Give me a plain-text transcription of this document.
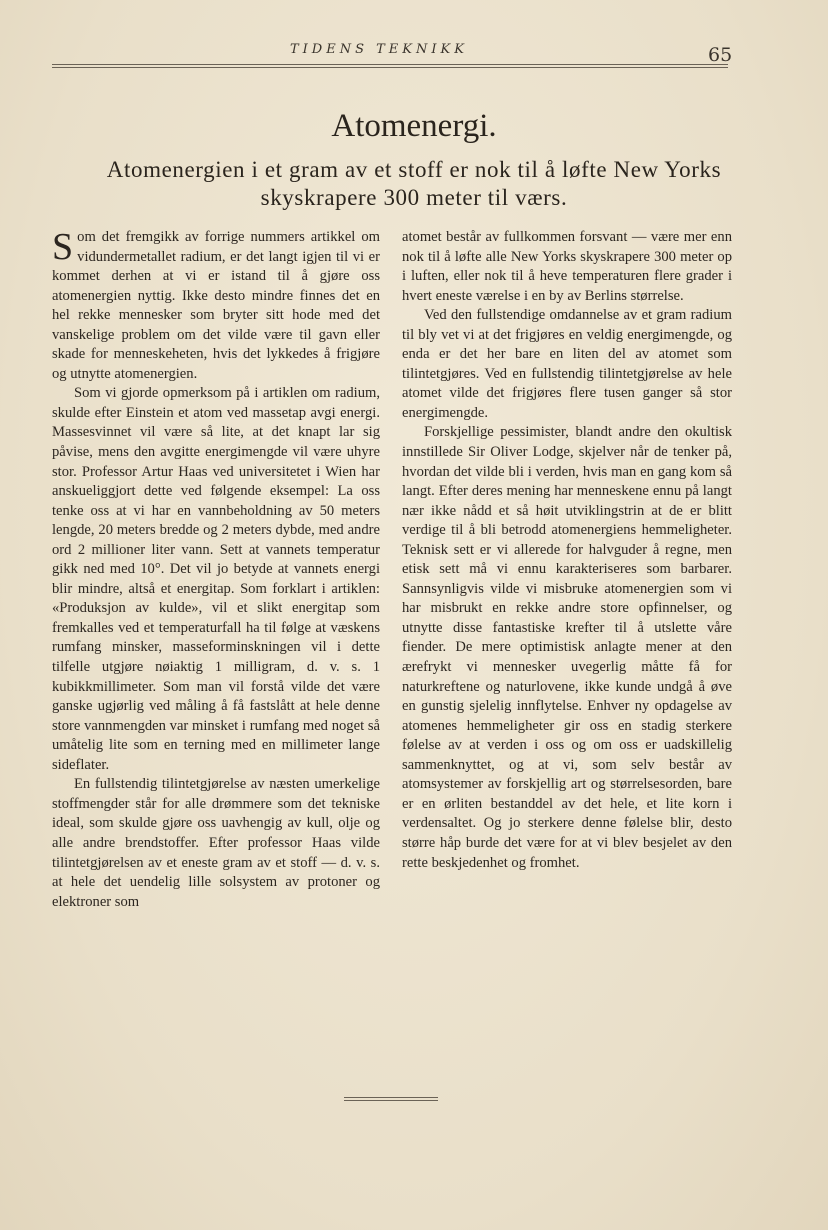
TIDENS TEKNIKK	65
Atomenergi.
Atomenergien i et gram av et stoff er nok til å løfte New Yorks skyskrapere 300 meter til værs.

Som det fremgikk av forrige nummers artikkel om vidundermetallet radium, er det langt igjen til vi er kommet derhen at vi er istand til å gjøre oss atomenergien nyttig. Ikke desto mindre finnes det en hel rekke mennesker som bryter sitt hode med det vanskelige problem om det vilde være til gavn eller skade for menneskeheten, hvis det lykkedes å frigjøre og utnytte atomenergien.

Som vi gjorde opmerksom på i artiklen om radium, skulde efter Einstein et atom ved massetap avgi energi. Massesvinnet vil være så lite, at det knapt lar sig påvise, mens den avgitte energimengde vil være uhyre stor. Professor Artur Haas ved universitetet i Wien har anskueliggjort dette ved følgende eksempel: La oss tenke oss at vi har en vannbeholdning av 50 meters lengde, 20 meters bredde og 2 meters dybde, med andre ord 2 millioner liter vann. Sett at vannets temperatur gikk ned med 10°. Det vil jo betyde at vannets energi blir mindre, altså et energitap. Som forklart i artiklen: «Produksjon av kulde», vil et slikt energitap som fremkalles ved et temperaturfall ha til følge at væskens rumfang minsker, masseforminskningen vil i dette tilfelle utgjøre nøiaktig 1 milligram, d. v. s. 1 kubikkmillimeter. Som man vil forstå vilde det være ganske ugjørlig ved måling å få fastslått at hele denne store vannmengden var minsket i rumfang med noget så umåtelig lite som en terning med en millimeter lange sideflater.

En fullstendig tilintetgjørelse av næsten umerkelige stoffmengder står for alle drømmere som det tekniske ideal, som skulde gjøre oss uavhengig av kull, olje og alle andre brendstoffer. Efter professor Haas vilde tilintetgjørelsen av et eneste gram av et stoff — d. v. s. at hele det uendelig lille solsystem av protoner og elektroner som

atomet består av fullkommen forsvant — være mer enn nok til å løfte alle New Yorks skyskrapere 300 meter op i luften, eller nok til å heve temperaturen flere grader i hvert eneste værelse i en by av Berlins størrelse.

Ved den fullstendige omdannelse av et gram radium til bly vet vi at det frigjøres en veldig energimengde, og enda er det her bare en liten del av atomet som tilintetgjøres. Ved en fullstendig tilintetgjørelse av hele atomet vilde det frigjøres flere tusen ganger så stor energimengde.

Forskjellige pessimister, blandt andre den okultisk innstillede Sir Oliver Lodge, skjelver når de tenker på, hvordan det vilde bli i verden, hvis man en gang kom så langt. Efter deres mening har menneskene ennu på langt nær ikke nådd et så høit utviklingstrin at de er blitt verdige til å bli betrodd atomenergiens hemmeligheter. Teknisk sett er vi allerede for halvguder å regne, men etisk sett må vi ennu karakteriseres som barbarer. Sannsynligvis vilde vi misbruke atomenergien som vi har misbrukt en rekke andre store opfinnelser, og utnytte disse fantastiske krefter til å utslette våre fiender. De mere optimistisk anlagte mener at den ærefrykt vi mennesker uvegerlig måtte få for naturkreftene og naturlovene, ikke kunde undgå å øve en gunstig sjelelig innflytelse. Enhver ny opdagelse av atomenes hemmeligheter gir oss en stadig sterkere følelse av at verden i oss og om oss er uadskillelig sammenknyttet, og at vi, som selv består av atomsystemer av forskjellig art og størrelsesorden, bare er en ørliten bestanddel av det hele, et lite korn i verdensaltet. Og jo sterkere denne følelse blir, desto større håp burde det være for at vi blev besjelet av den rette beskjedenhet og fromhet.
